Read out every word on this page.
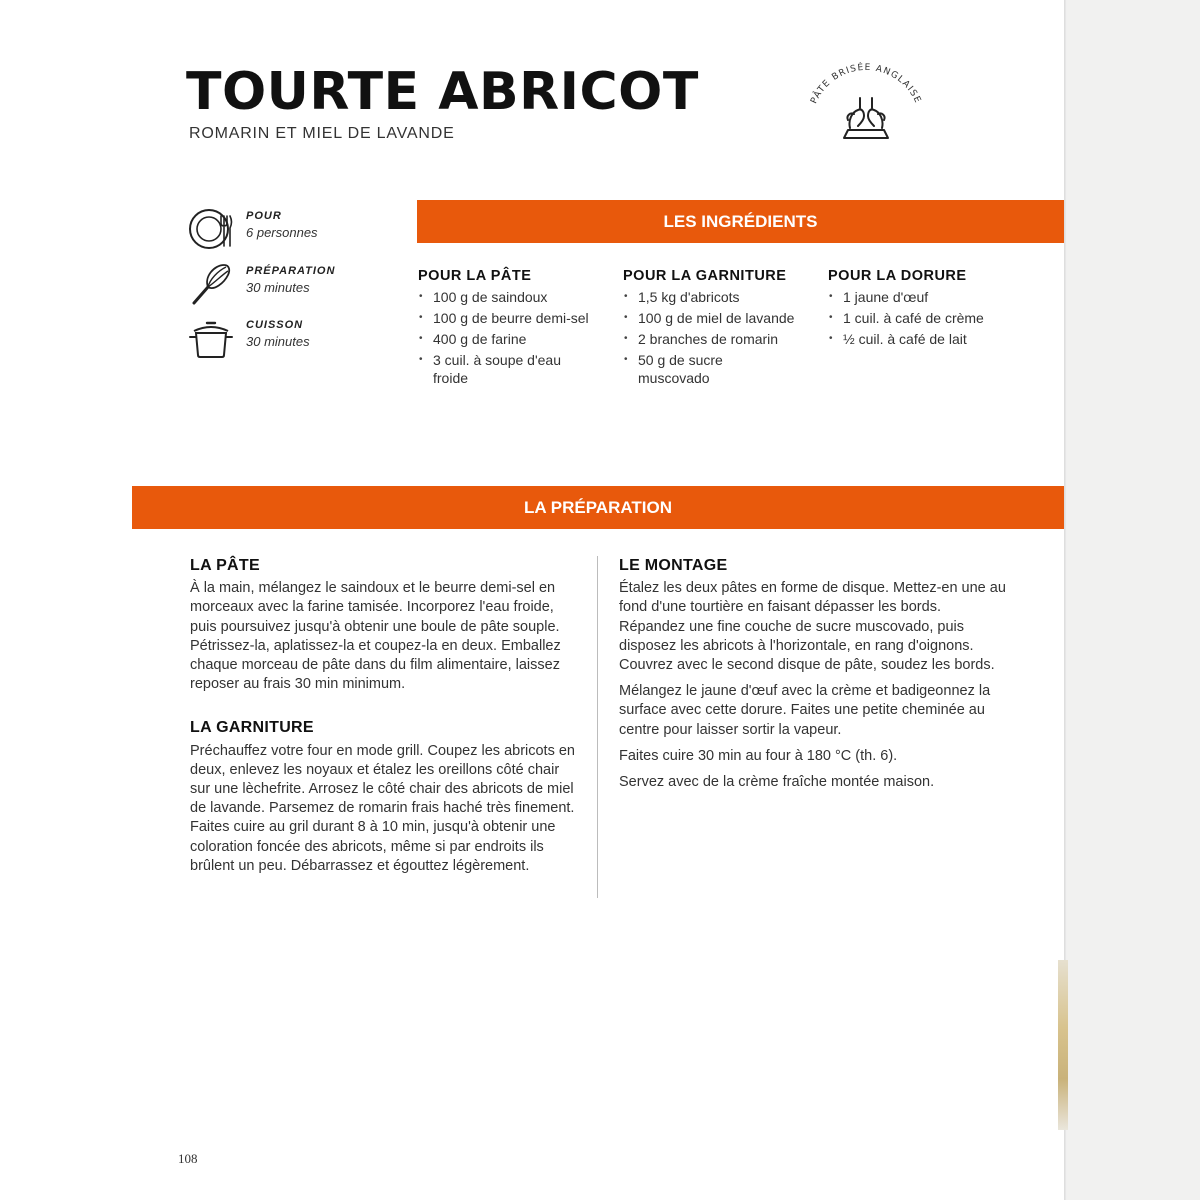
TOURTE ABRICOT
ROMARIN ET MIEL DE LAVANDE
PÂTE BRISÉE ANGLAISE
POUR
6 personnes
PRÉPARATION
30 minutes
CUISSON
30 minutes
LES INGRÉDIENTS
POUR LA PÂTE
• 100 g de saindoux
• 100 g de beurre demi-sel
• 400 g de farine
• 3 cuil. à soupe d'eau froide
POUR LA GARNITURE
• 1,5 kg d'abricots
• 100 g de miel de lavande
• 2 branches de romarin
• 50 g de sucre muscovado
POUR LA DORURE
• 1 jaune d'œuf
• 1 cuil. à café de crème
• ½ cuil. à café de lait
LA PRÉPARATION
LA PÂTE

À la main, mélangez le saindoux et le beurre demi-sel en morceaux avec la farine tamisée. Incorporez l'eau froide, puis poursuivez jusqu'à obtenir une boule de pâte souple. Pétrissez-la, aplatissez-la et coupez-la en deux. Emballez chaque morceau de pâte dans du film alimentaire, laissez reposer au frais 30 min minimum.

LA GARNITURE

Préchauffez votre four en mode grill. Coupez les abricots en deux, enlevez les noyaux et étalez les oreillons côté chair sur une lèchefrite. Arrosez le côté chair des abricots de miel de lavande. Parsemez de romarin frais haché très finement. Faites cuire au gril durant 8 à 10 min, jusqu'à obtenir une coloration foncée des abricots, même si par endroits ils brûlent un peu. Débarrassez et égouttez légèrement.

LE MONTAGE

Étalez les deux pâtes en forme de disque. Mettez-en une au fond d'une tourtière en faisant dépasser les bords. Répandez une fine couche de sucre muscovado, puis disposez les abricots à l'horizontale, en rang d'oignons. Couvrez avec le second disque de pâte, soudez les bords.

Mélangez le jaune d'œuf avec la crème et badigeonnez la surface avec cette dorure. Faites une petite cheminée au centre pour laisser sortir la vapeur.

Faites cuire 30 min au four à 180 °C (th. 6).

Servez avec de la crème fraîche montée maison.

108
